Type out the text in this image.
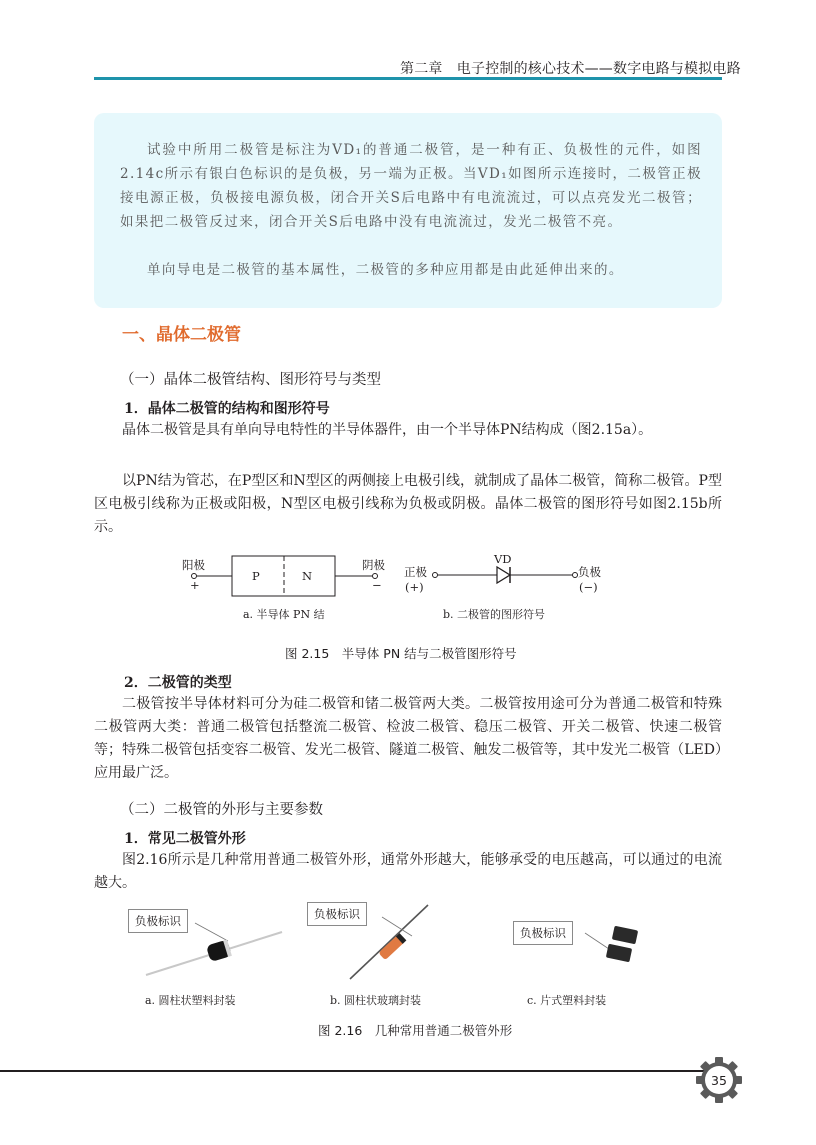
第二章　电子控制的核心技术——数字电路与模拟电路

试验中所用二极管是标注为VD₁的普通二极管，是一种有正、负极性的元件，如图2.14c所示有银白色标识的是负极，另一端为正极。当VD₁如图所示连接时，二极管正极接电源正极，负极接电源负极，闭合开关S后电路中有电流流过，可以点亮发光二极管；如果把二极管反过来，闭合开关S后电路中没有电流流过，发光二极管不亮。

单向导电是二极管的基本属性，二极管的多种应用都是由此延伸出来的。

一、晶体二极管
（一）晶体二极管结构、图形符号与类型
1．晶体二极管的结构和图形符号

晶体二极管是具有单向导电特性的半导体器件，由一个半导体PN结构成（图2.15a）。

以PN结为管芯，在P型区和N型区的两侧接上电极引线，就制成了晶体二极管，简称二极管。P型区电极引线称为正极或阳极，N型区电极引线称为负极或阴极。晶体二极管的图形符号如图2.15b所示。

阳极
+
P	N
阴极
−
a. 半导体 PN 结
VD
正极
(+)
负极
(−)
b. 二极管的图形符号
图 2.15　半导体 PN 结与二极管图形符号
2．二极管的类型

二极管按半导体材料可分为硅二极管和锗二极管两大类。二极管按用途可分为普通二极管和特殊二极管两大类：普通二极管包括整流二极管、检波二极管、稳压二极管、开关二极管、快速二极管等；特殊二极管包括变容二极管、发光二极管、隧道二极管、触发二极管等，其中发光二极管（LED）应用最广泛。

（二）二极管的外形与主要参数
1．常见二极管外形

图2.16所示是几种常用普通二极管外形，通常外形越大，能够承受的电压越高，可以通过的电流越大。

负极标识	负极标识
负极标识
a. 圆柱状塑料封装	b. 圆柱状玻璃封装	c. 片式塑料封装
图 2.16　几种常用普通二极管外形
35
